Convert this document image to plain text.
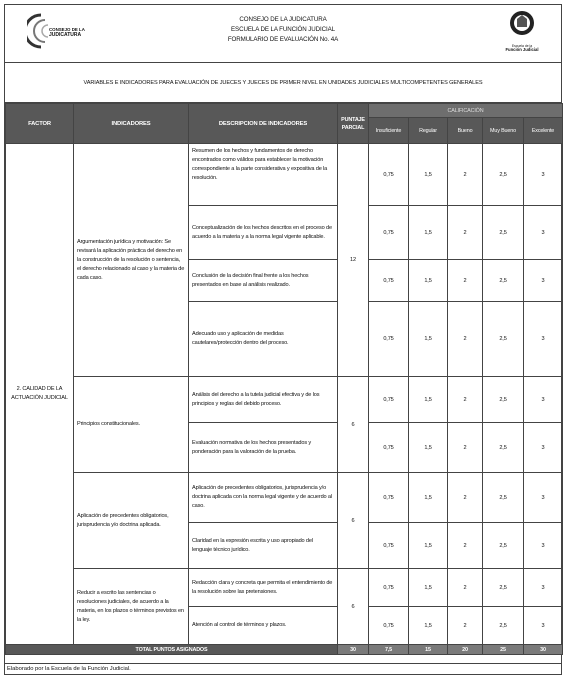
CONSEJO DE LA
JUDICATURA
CONSEJO DE LA JUDICATURA
ESCUELA DE LA FUNCIÓN JUDICIAL
FORMULARIO DE EVALUACIÓN No. 4A
Escuela de la
Función Judicial
VARIABLES E INDICADORES PARA EVALUACIÓN DE JUECES Y JUECES DE PRIMER NIVEL EN UNIDADES JUDICIALES MULTICOMPETENTES GENERALES
FACTOR	INDICADORES	DESCRIPCION DE INDICADORES	PUNTAJE PARCIAL	CALIFICACIÓN				
				Insuficiente	Regular	Bueno	Muy Bueno	Excelente
2. CALIDAD DE LA ACTUACIÓN JUDICIAL	Argumentación jurídica y motivación: Se revisará la aplicación práctica del derecho en la construcción de la resolución o sentencia, el derecho relacionado al caso y la materia de cada caso.	Resumen de los hechos y fundamentos de derecho encontrados como válidos para establecer la motivación correspondiente a la parte considerativa y expositiva de la resolución.	12	0,75	1,5	2	2,5	3
		Conceptualización de los hechos descritos en el proceso de acuerdo a la materia y a la norma legal vigente aplicable.		0,75	1,5	2	2,5	3
		Conclusión de la decisión final frente a los hechos presentados en base al análisis realizado.		0,75	1,5	2	2,5	3
		Adecuado uso y aplicación de medidas cautelares/protección dentro del proceso.		0,75	1,5	2	2,5	3
	Principios constitucionales.	Análisis del derecho a la tutela judicial efectiva y de los principios y reglas del debido proceso.	6	0,75	1,5	2	2,5	3
		Evaluación normativa de los hechos presentados y ponderación para la valoración de la prueba.		0,75	1,5	2	2,5	3
	Aplicación de precedentes obligatorios, jurisprudencia y/o doctrina aplicada.	Aplicación de precedentes obligatorios, jurisprudencia y/o doctrina aplicada con la norma legal vigente y de acuerdo al caso.	6	0,75	1,5	2	2,5	3
		Claridad en la expresión escrita y uso apropiado del lenguaje técnico jurídico.		0,75	1,5	2	2,5	3
	Reducir a escrito las sentencias o resoluciones judiciales, de acuerdo a la materia, en los plazos o términos previstos en la ley.	Redacción clara y concreta que permita el entendimiento de la resolución sobre las pretensiones.	6	0,75	1,5	2	2,5	3
		Atención al control de términos y plazos.		0,75	1,5	2	2,5	3
TOTAL PUNTOS ASIGNADOS			30	7,5	15	20	25	30
Elaborado por la Escuela de la Función Judicial.
